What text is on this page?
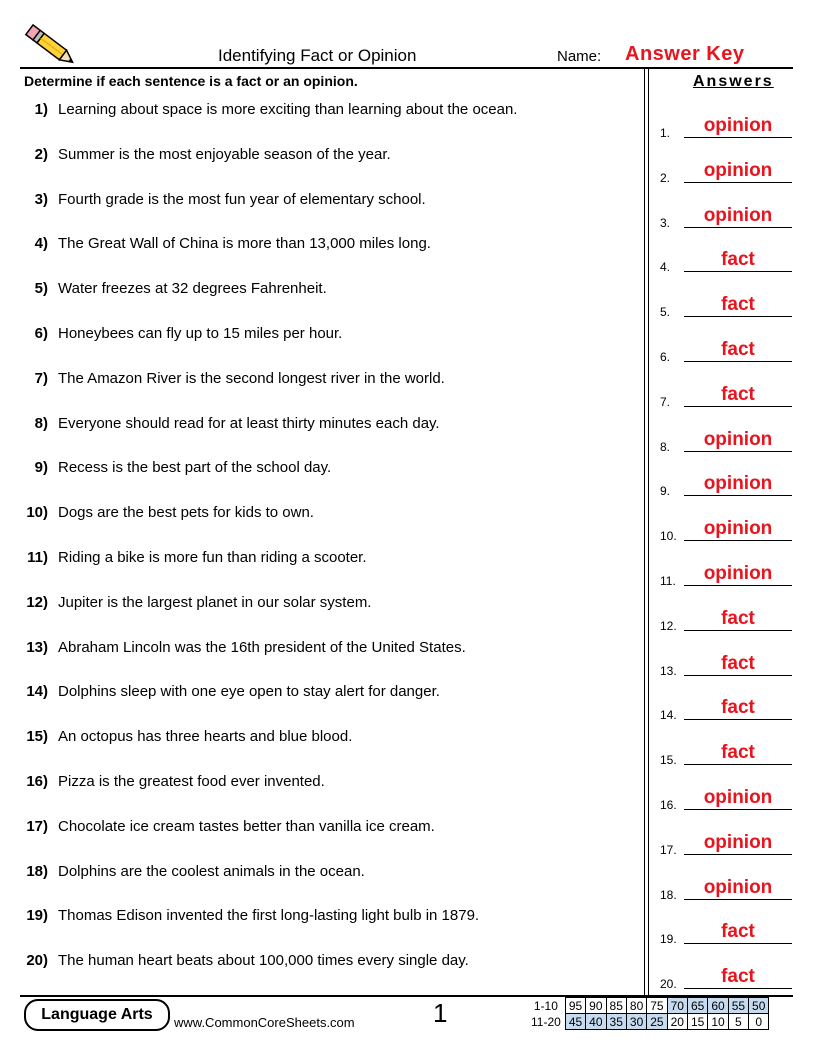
Identifying Fact or Opinion	Name: Answer Key
Determine if each sentence is a fact or an opinion.	Answers
1) Learning about space is more exciting than learning about the ocean.
2) Summer is the most enjoyable season of the year.
3) Fourth grade is the most fun year of elementary school.
4) The Great Wall of China is more than 13,000 miles long.
5) Water freezes at 32 degrees Fahrenheit.
6) Honeybees can fly up to 15 miles per hour.
7) The Amazon River is the second longest river in the world.
8) Everyone should read for at least thirty minutes each day.
9) Recess is the best part of the school day.
10) Dogs are the best pets for kids to own.
11) Riding a bike is more fun than riding a scooter.
12) Jupiter is the largest planet in our solar system.
13) Abraham Lincoln was the 16th president of the United States.
14) Dolphins sleep with one eye open to stay alert for danger.
15) An octopus has three hearts and blue blood.
16) Pizza is the greatest food ever invented.
17) Chocolate ice cream tastes better than vanilla ice cream.
18) Dolphins are the coolest animals in the ocean.
19) Thomas Edison invented the first long-lasting light bulb in 1879.
20) The human heart beats about 100,000 times every single day.
1.	opinion
2.	opinion
3.	opinion
4.	fact
5.	fact
6.	fact
7.	fact
8.	opinion
9.	opinion
10.	opinion
11.	opinion
12.	fact
13.	fact
14.	fact
15.	fact
16.	opinion
17.	opinion
18.	opinion
19.	fact
20.	fact
Language Arts	www.CommonCoreSheets.com	1	1-10	95	90	85	80	75	70	65	60	55	50
11-20	45	40	35	30	25	20	15	10	5	0
